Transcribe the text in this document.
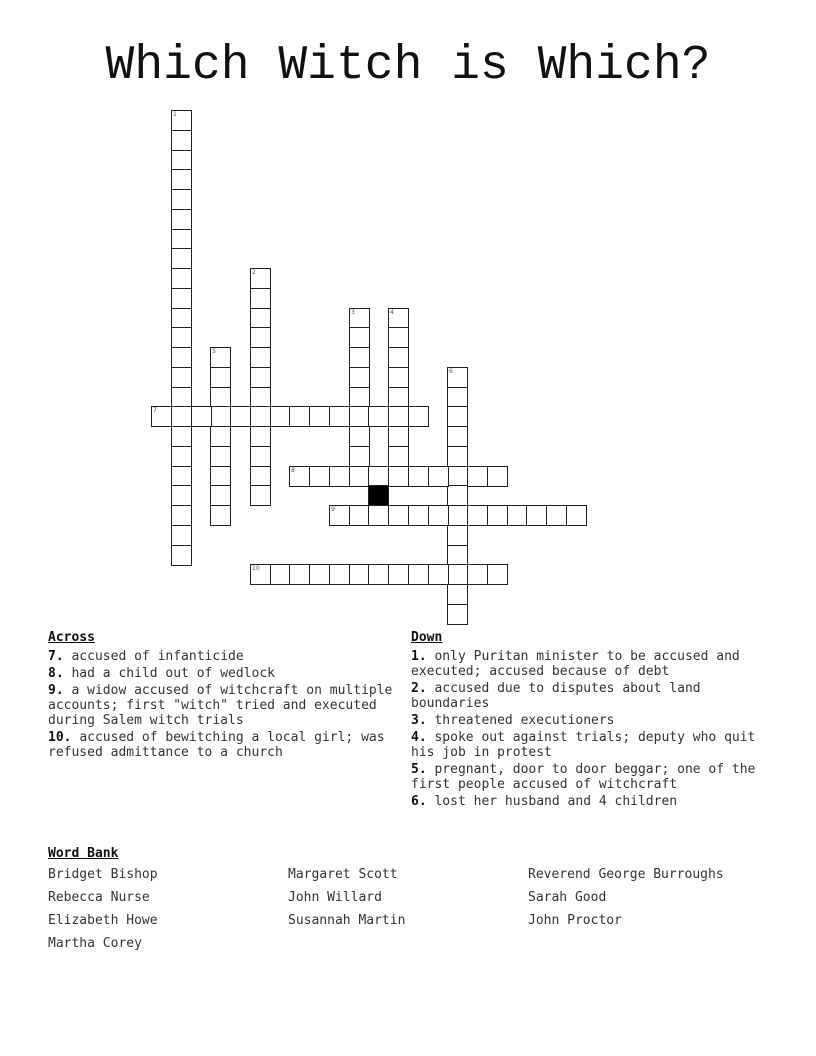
Which Witch is Which?
1
2
3	4
5
6
7
8
9
10
Across
7. accused of infanticide
8. had a child out of wedlock
9. a widow accused of witchcraft on multiple accounts; first "witch" tried and executed during Salem witch trials
10. accused of bewitching a local girl; was refused admittance to a church
Down
1. only Puritan minister to be accused and executed; accused because of debt
2. accused due to disputes about land boundaries
3. threatened executioners
4. spoke out against trials; deputy who quit his job in protest
5. pregnant, door to door beggar; one of the first people accused of witchcraft
6. lost her husband and 4 children
Word Bank
Bridget Bishop	Margaret Scott	Reverend George Burroughs
Rebecca Nurse	John Willard	Sarah Good
Elizabeth Howe	Susannah Martin	John Proctor
Martha Corey
